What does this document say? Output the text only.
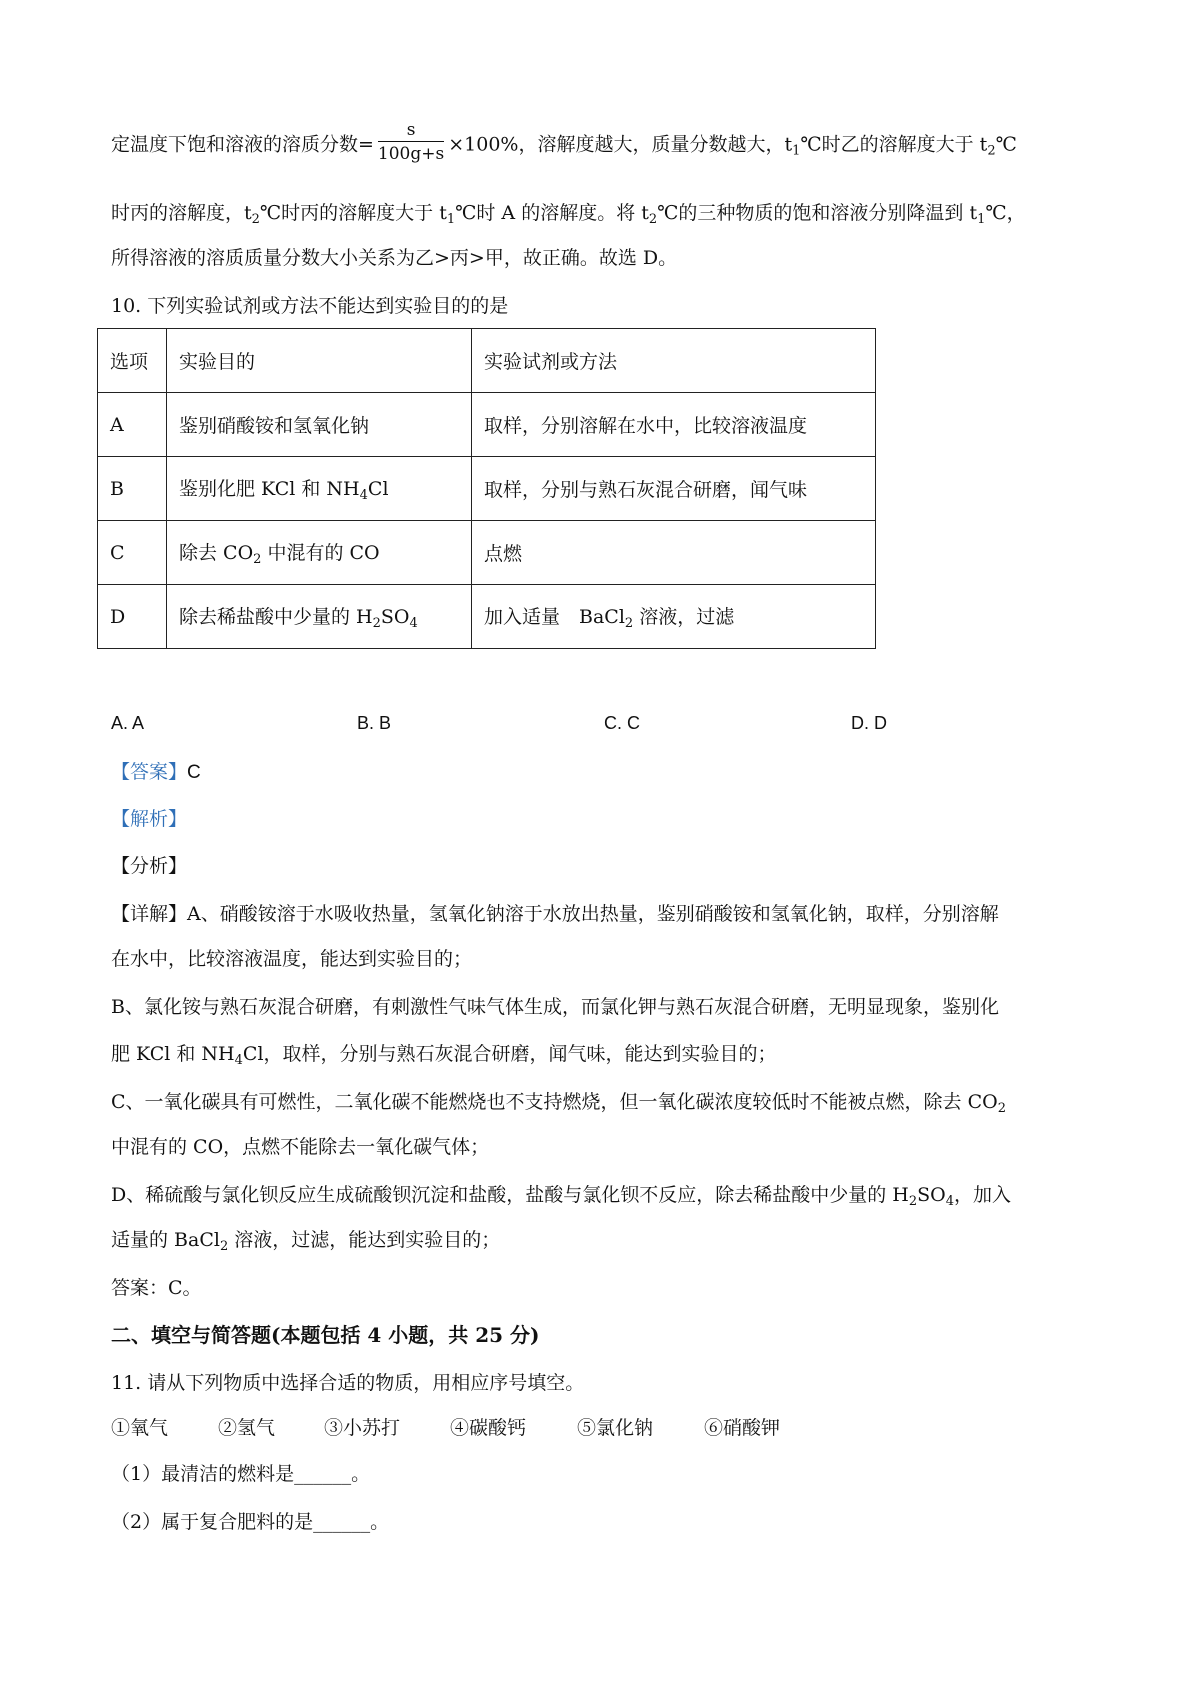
定温度下饱和溶液的溶质分数= $\frac{s}{100g+s} \times 100\%$，溶解度越大，质量分数越大，$t_1℃$时乙的溶解度大于 $t_2℃$
时丙的溶解度，$t_2℃$时丙的溶解度大于 $t_1℃$时 A 的溶解度。将 $t_2℃$的三种物质的饱和溶液分别降温到 $t_1℃$，
所得溶液的溶质质量分数大小关系为乙>丙>甲，故正确。故选 D。
10. 下列实验试剂或方法不能达到实验目的的是
选项	实验目的	实验试剂或方法
A	鉴别硝酸铵和氢氧化钠	取样，分别溶解在水中，比较溶液温度
B	鉴别化肥 KCl 和 $NH_4Cl$	取样，分别与熟石灰混合研磨，闻气味
C	除去 $CO_2$ 中混有的 CO	点燃
D	除去稀盐酸中少量的 $H_2SO_4$	加入适量　BaCl$_2$ 溶液，过滤
A. A	B. B	C. C	D. D
【答案】C
【解析】
【分析】
【详解】A、硝酸铵溶于水吸收热量，氢氧化钠溶于水放出热量，鉴别硝酸铵和氢氧化钠，取样，分别溶解
在水中，比较溶液温度，能达到实验目的；
B、氯化铵与熟石灰混合研磨，有刺激性气味气体生成，而氯化钾与熟石灰混合研磨，无明显现象，鉴别化
肥 KCl 和 $NH_4Cl$，取样，分别与熟石灰混合研磨，闻气味，能达到实验目的；
C、一氧化碳具有可燃性，二氧化碳不能燃烧也不支持燃烧，但一氧化碳浓度较低时不能被点燃，除去 $CO_2$
中混有的 CO，点燃不能除去一氧化碳气体；
D、稀硫酸与氯化钡反应生成硫酸钡沉淀和盐酸，盐酸与氯化钡不反应，除去稀盐酸中少量的 $H_2SO_4$，加入
适量的 BaCl$_2$ 溶液，过滤，能达到实验目的；
答案：C。
二、填空与简答题(本题包括 4 小题，共 25 分)
11. 请从下列物质中选择合适的物质，用相应序号填空。
①氧气	②氢气	③小苏打	④碳酸钙	⑤氯化钠	⑥硝酸钾
（1）最清洁的燃料是______。
（2）属于复合肥料的是______。
